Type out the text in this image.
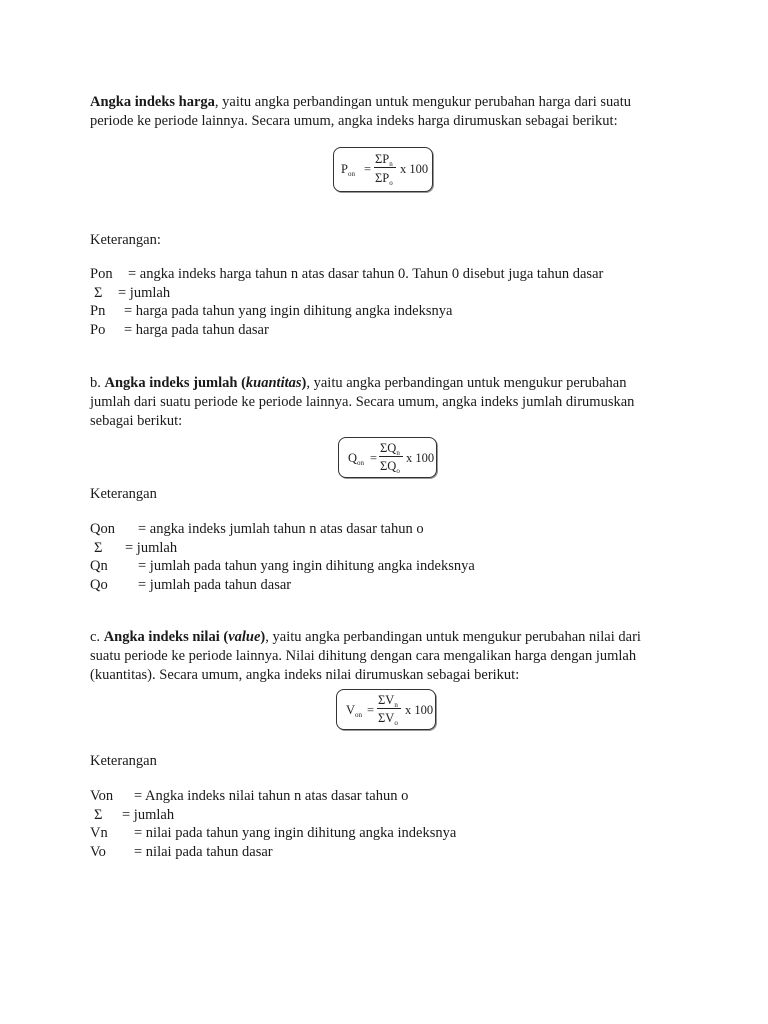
Angka indeks harga, yaitu angka perbandingan untuk mengukur perubahan harga dari suatu periode ke periode lainnya. Secara umum, angka indeks harga dirumuskan sebagai berikut:

$P_{on}$ =
$\Sigma P_n$
$\Sigma P_o$
x 100

Keterangan:

Pon = angka indeks harga tahun n atas dasar tahun 0. Tahun 0 disebut juga tahun dasar
Σ = jumlah
Pn = harga pada tahun yang ingin dihitung angka indeksnya
Po = harga pada tahun dasar

b. Angka indeks jumlah (kuantitas), yaitu angka perbandingan untuk mengukur perubahan jumlah dari suatu periode ke periode lainnya. Secara umum, angka indeks jumlah dirumuskan sebagai berikut:

$Q_{on}$ =
$\Sigma Q_n$
$\Sigma Q_o$
x 100

Keterangan

Qon = angka indeks jumlah tahun n atas dasar tahun o
Σ = jumlah
Qn = jumlah pada tahun yang ingin dihitung angka indeksnya
Qo = jumlah pada tahun dasar

c. Angka indeks nilai (value), yaitu angka perbandingan untuk mengukur perubahan nilai dari suatu periode ke periode lainnya. Nilai dihitung dengan cara mengalikan harga dengan jumlah (kuantitas). Secara umum, angka indeks nilai dirumuskan sebagai berikut:

$V_{on}$ =
$\Sigma V_n$
$\Sigma V_o$
x 100

Keterangan

Von = Angka indeks nilai tahun n atas dasar tahun o
Σ = jumlah
Vn = nilai pada tahun yang ingin dihitung angka indeksnya
Vo = nilai pada tahun dasar
